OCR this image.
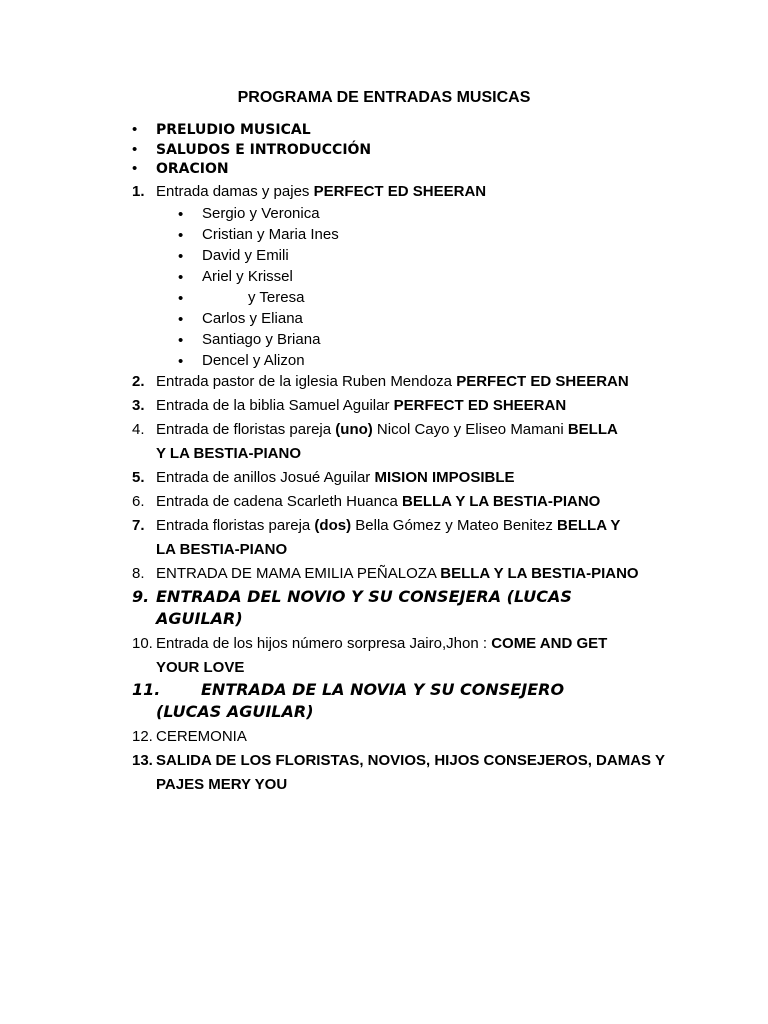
PROGRAMA DE ENTRADAS MUSICAS
• PRELUDIO MUSICAL
• SALUDOS E INTRODUCCIÓN
• ORACION
1. Entrada damas y pajes PERFECT ED SHEERAN
• Sergio y Veronica
• Cristian y Maria Ines
• David y Emili
• Ariel y Krissel
•	y Teresa
• Carlos y Eliana
• Santiago y Briana
• Dencel y Alizon
2. Entrada pastor de la iglesia Ruben Mendoza PERFECT ED SHEERAN
3. Entrada de la biblia Samuel Aguilar PERFECT ED SHEERAN
4. Entrada de floristas pareja (uno) Nicol Cayo y Eliseo Mamani BELLA
Y LA BESTIA-PIANO
5. Entrada de anillos Josué Aguilar MISION IMPOSIBLE
6. Entrada de cadena Scarleth Huanca BELLA Y LA BESTIA-PIANO
7. Entrada floristas pareja (dos) Bella Gómez y Mateo Benitez BELLA Y
LA BESTIA-PIANO
8. ENTRADA DE MAMA EMILIA PEÑALOZA BELLA Y LA BESTIA-PIANO
9. ENTRADA DEL NOVIO Y SU CONSEJERA (LUCAS
AGUILAR)
10. Entrada de los hijos número sorpresa Jairo,Jhon : COME AND GET
YOUR LOVE
11.	ENTRADA DE LA NOVIA Y SU CONSEJERO
(LUCAS AGUILAR)
12. CEREMONIA
13. SALIDA DE LOS FLORISTAS, NOVIOS, HIJOS CONSEJEROS, DAMAS Y
PAJES MERY YOU
